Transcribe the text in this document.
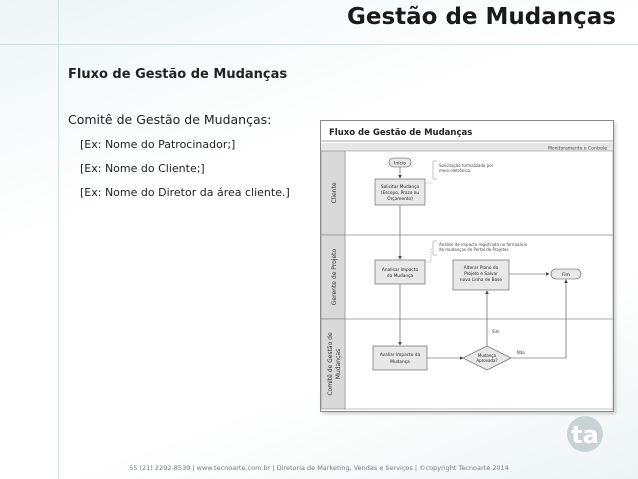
Gestão de Mudanças
Fluxo de Gestão de Mudanças
Comitê de Gestão de Mudanças:
[Ex: Nome do Patrocinador;]
[Ex: Nome do Cliente;]
[Ex: Nome do Diretor da área cliente.]
Fluxo de Gestão de Mudanças
Monitoramento e Controle
Cliente
Gerente de Projeto
Comitê de Gestão de Mudanças
Início
Solicitar Mudança
(Escopo, Prazo ou
Orçamento)
Solicitação formalizada por
meio eletrônico.
Analisar Impacto
da Mudança
Análise de impacto registrada no formulário
de mudanças do Portal de Projetos
Alterar Plano do
Projeto e Salvar
nova Linha de Base
Fim
Avaliar Impacto da
Mudança
Mudança
Aprovada?
Sim
Não
ta
55 (21) 2292-8539 | www.tecnoarte.com.br | Diretoria de Marketing, Vendas e Serviços | ©copyright Tecnoarte 2014
